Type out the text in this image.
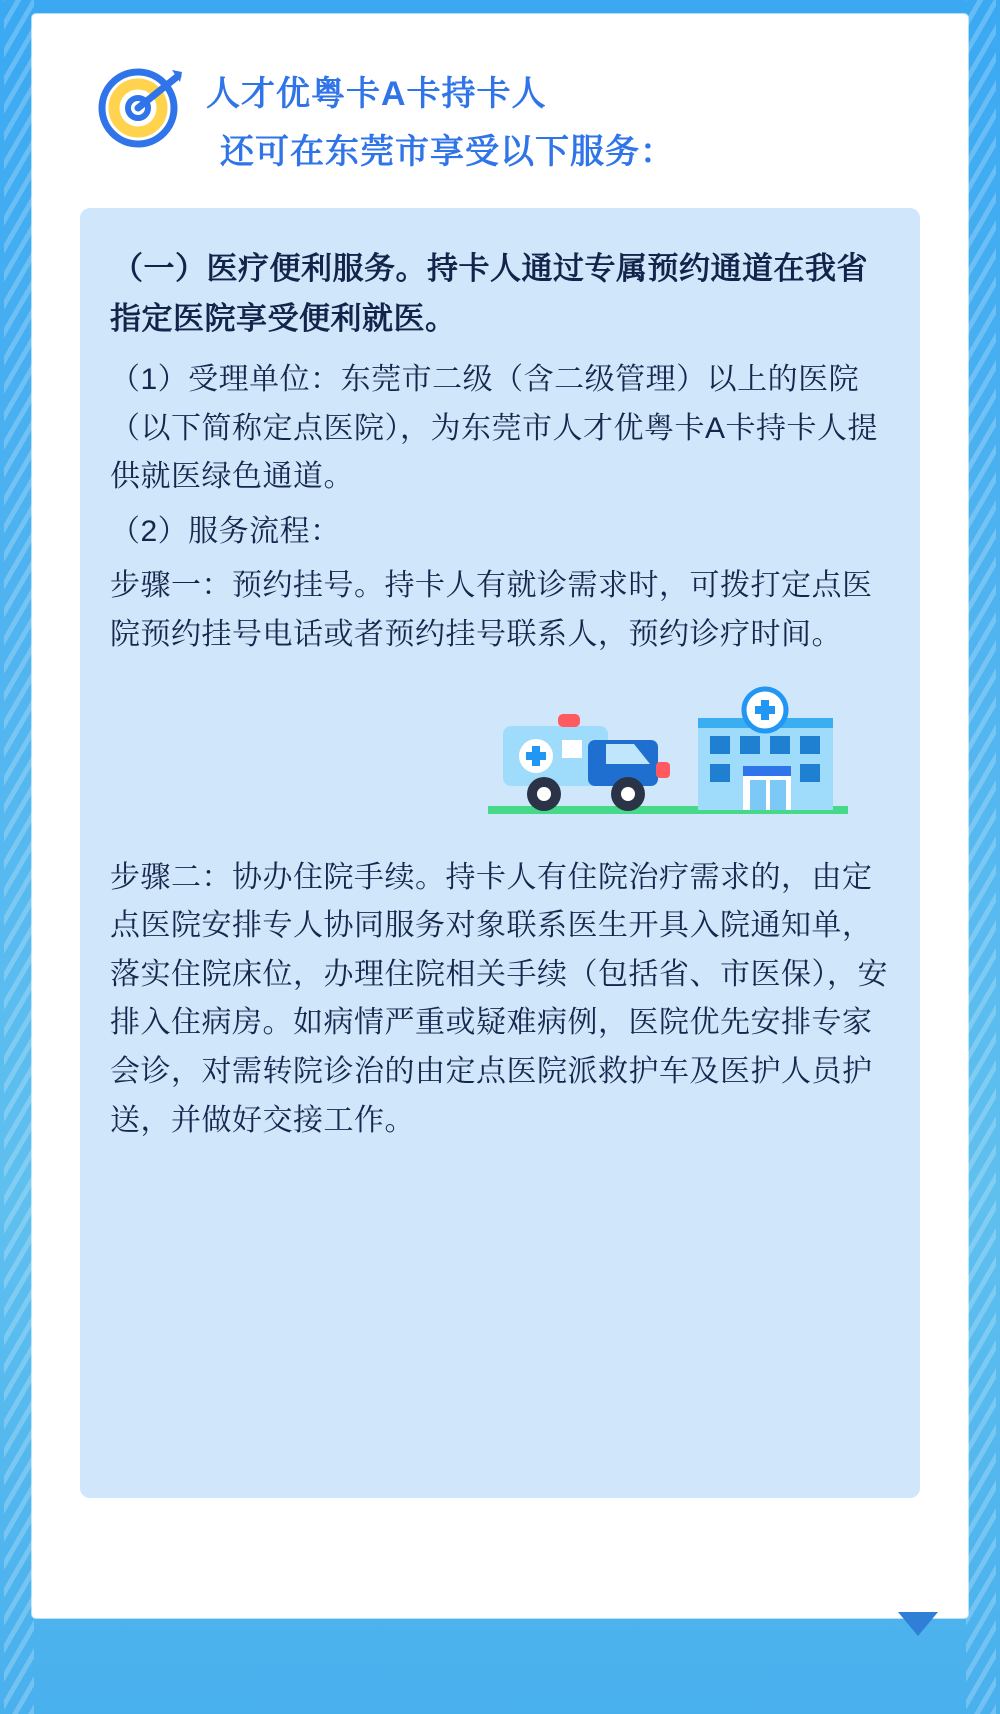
人才优粤卡A卡持卡人
还可在东莞市享受以下服务：

（一）医疗便利服务。持卡人通过专属预约通道在我省指定医院享受便利就医。

（1）受理单位：东莞市二级（含二级管理）以上的医院（以下简称定点医院），为东莞市人才优粤卡A卡持卡人提供就医绿色通道。

（2）服务流程：

步骤一：预约挂号。持卡人有就诊需求时，可拨打定点医院预约挂号电话或者预约挂号联系人，预约诊疗时间。

步骤二：协办住院手续。持卡人有住院治疗需求的，由定点医院安排专人协同服务对象联系医生开具入院通知单，落实住院床位，办理住院相关手续（包括省、市医保），安排入住病房。如病情严重或疑难病例，医院优先安排专家会诊，对需转院诊治的由定点医院派救护车及医护人员护送，并做好交接工作。
